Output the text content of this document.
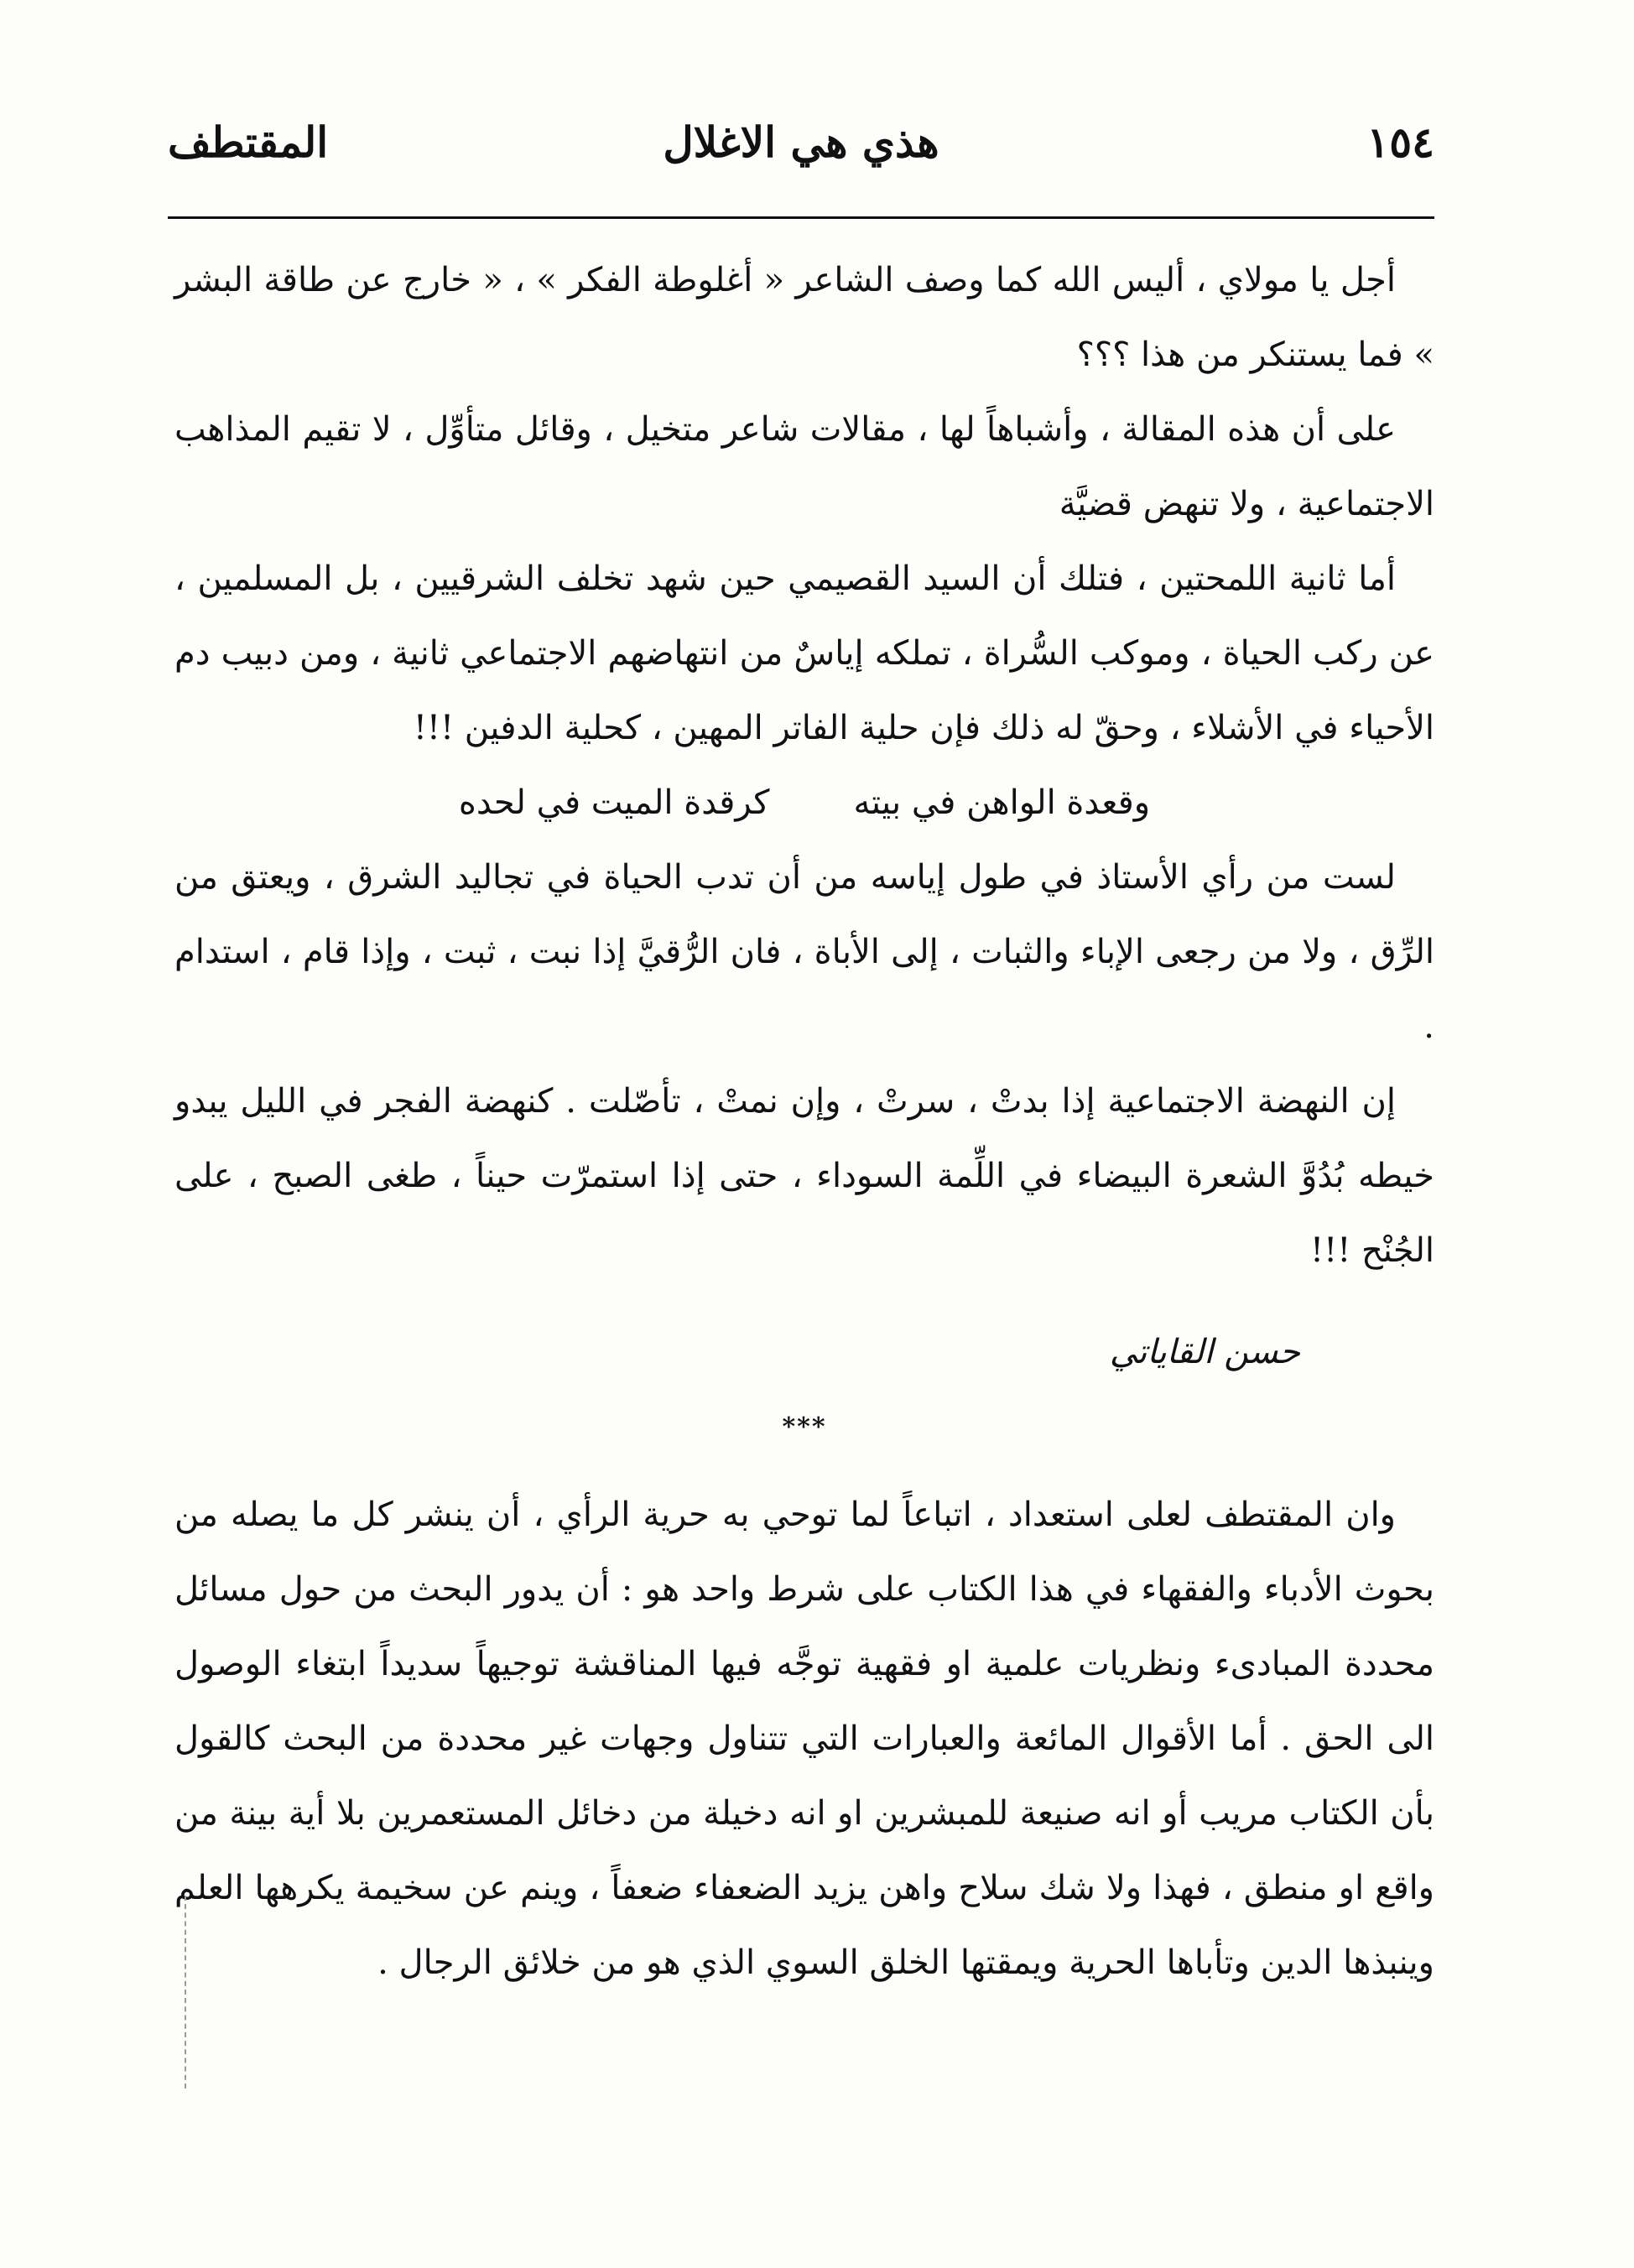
١٥٤
هذي هي الاغلال
المقتطف

أجل يا مولاي ، أليس الله كما وصف الشاعر « أغلوطة الفكر » ، « خارج عن طاقة البشر » فما يستنكر من هذا ؟؟؟

على أن هذه المقالة ، وأشباهاً لها ، مقالات شاعر متخيل ، وقائل متأوِّل ، لا تقيم المذاهب الاجتماعية ، ولا تنهض قضيَّة

أما ثانية اللمحتين ، فتلك أن السيد القصيمي حين شهد تخلف الشرقيين ، بل المسلمين ، عن ركب الحياة ، وموكب السُّراة ، تملكه إياسٌ من انتهاضهم الاجتماعي ثانية ، ومن دبيب دم الأحياء في الأشلاء ، وحقّ له ذلك فإن حلية الفاتر المهين ، كحلية الدفين !!!

وقعدة الواهن في بيته
كرقدة الميت في لحده

لست من رأي الأستاذ في طول إياسه من أن تدب الحياة في تجاليد الشرق ، ويعتق من الرِّق ، ولا من رجعى الإباء والثبات ، إلى الأباة ، فان الرُّقيَّ إذا نبت ، ثبت ، وإذا قام ، استدام .

إن النهضة الاجتماعية إذا بدتْ ، سرتْ ، وإن نمتْ ، تأصّلت . كنهضة الفجر في الليل يبدو خيطه بُدُوَّ الشعرة البيضاء في اللِّمة السوداء ، حتى إذا استمرّت حيناً ، طغى الصبح ، على الجُنْح !!!

حسن القاياتي
***

وان المقتطف لعلى استعداد ، اتباعاً لما توحي به حرية الرأي ، أن ينشر كل ما يصله من بحوث الأدباء والفقهاء في هذا الكتاب على شرط واحد هو : أن يدور البحث من حول مسائل محددة المبادىء ونظريات علمية او فقهية توجَّه فيها المناقشة توجيهاً سديداً ابتغاء الوصول الى الحق . أما الأقوال المائعة والعبارات التي تتناول وجهات غير محددة من البحث كالقول بأن الكتاب مريب أو انه صنيعة للمبشرين او انه دخيلة من دخائل المستعمرين بلا أية بينة من واقع او منطق ، فهذا ولا شك سلاح واهن يزيد الضعفاء ضعفاً ، وينم عن سخيمة يكرهها العلم وينبذها الدين وتأباها الحرية ويمقتها الخلق السوي الذي هو من خلائق الرجال .
